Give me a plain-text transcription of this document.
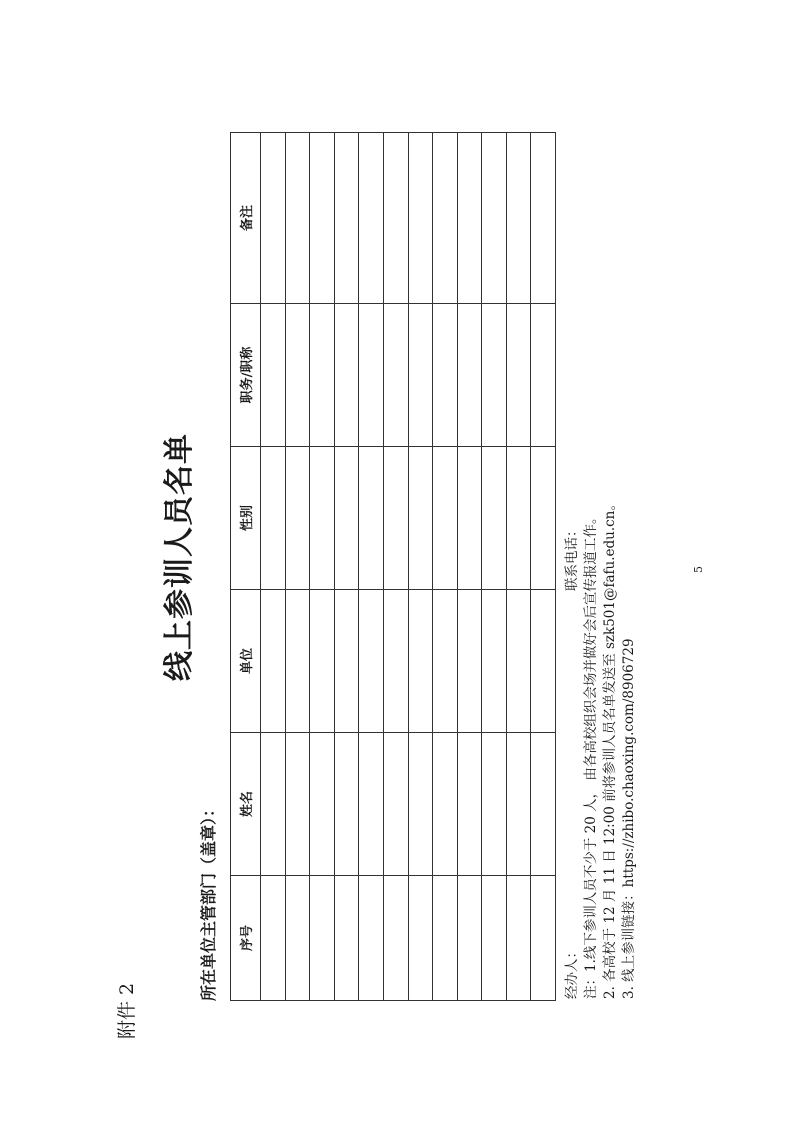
附件 2
线上参训人员名单
所在单位主管部门（盖章）： 序号	姓名	单位	性别	职务/职称	备注

经办人：
联系电话： 注：1.线下参训人员不少于 20 人， 由各高校组织会场并做好会后宣传报道工作。 2. 各高校于 12 月 11 日 12:00 前将参训人员名单发送至 szk501@fafu.edu.cn。 3. 线上参训链接：https://zhibo.chaoxing.com/8906729
5
